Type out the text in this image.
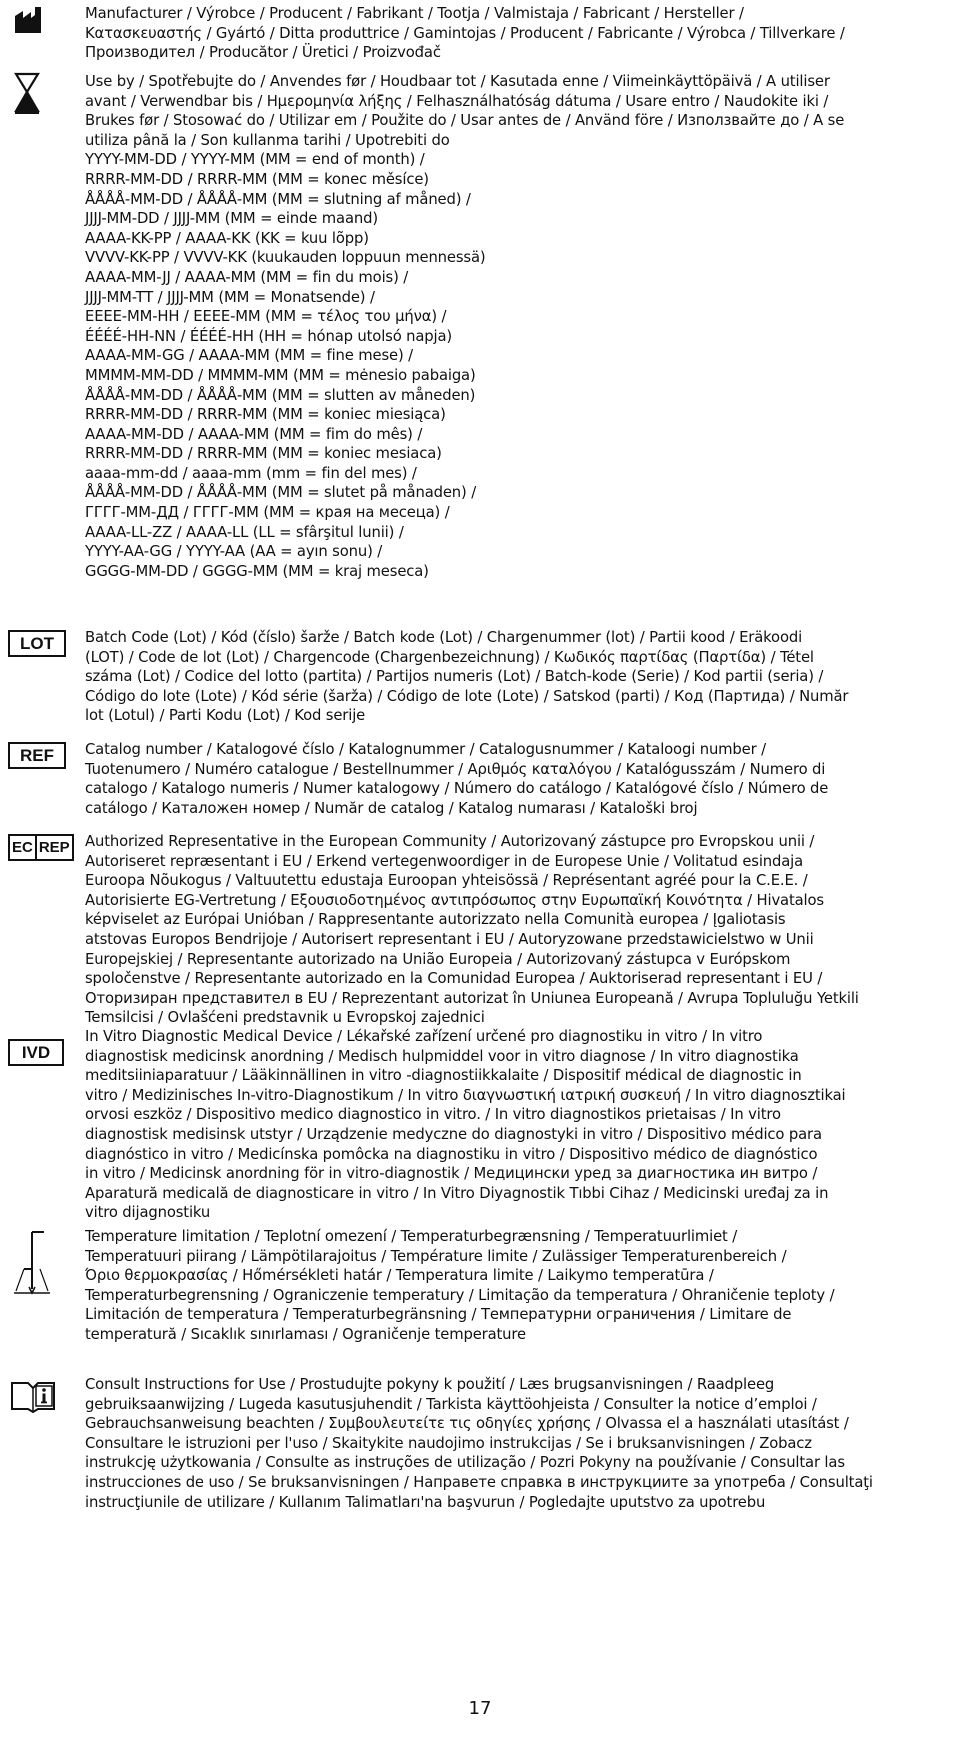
Manufacturer / Výrobce / Producent / Fabrikant / Tootja / Valmistaja / Fabricant / Hersteller /

Κατασκευαστής / Gyártó / Ditta produttrice / Gamintojas / Producent / Fabricante / Výrobca / Tillverkare /

Производител / Producător / Üretici / Proizvođač

Use by / Spotřebujte do / Anvendes før / Houdbaar tot / Kasutada enne / Viimeinkäyttöpäivä / A utiliser

avant / Verwendbar bis / Ημερομηνία λήξης / Felhasználhatóság dátuma / Usare entro / Naudokite iki /

Brukes før / Stosować do / Utilizar em / Použite do / Usar antes de / Använd före / Използвайте до / A se

utiliza până la / Son kullanma tarihi / Upotrebiti do

YYYY-MM-DD / YYYY-MM (MM = end of month) /

RRRR-MM-DD / RRRR-MM (MM = konec měsíce)

ÅÅÅÅ-MM-DD / ÅÅÅÅ-MM (MM = slutning af måned) /

JJJJ-MM-DD / JJJJ-MM (MM = einde maand)

AAAA-KK-PP / AAAA-KK (KK = kuu lõpp)

VVVV-KK-PP / VVVV-KK (kuukauden loppuun mennessä)

AAAA-MM-JJ / AAAA-MM (MM = fin du mois) /

JJJJ-MM-TT / JJJJ-MM (MM = Monatsende) /

ΕΕΕΕ-ΜΜ-ΗΗ / ΕΕΕΕ-ΜΜ (ΜΜ = τέλος του μήνα) /

ÉÉÉÉ-HH-NN / ÉÉÉÉ-HH (HH = hónap utolsó napja)

AAAA-MM-GG / AAAA-MM (MM = fine mese) /

MMMM-MM-DD / MMMM-MM (MM = mėnesio pabaiga)

ÅÅÅÅ-MM-DD / ÅÅÅÅ-MM (MM = slutten av måneden)

RRRR-MM-DD / RRRR-MM (MM = koniec miesiąca)

AAAA-MM-DD / AAAA-MM (MM = fim do mês) /

RRRR-MM-DD / RRRR-MM (MM = koniec mesiaca)

aaaa-mm-dd / aaaa-mm (mm = fin del mes) /

ÅÅÅÅ-MM-DD / ÅÅÅÅ-MM (MM = slutet på månaden) /

ГГГГ-ММ-ДД / ГГГГ-ММ (ММ = края на месеца) /

AAAA-LL-ZZ / AAAA-LL (LL = sfârşitul lunii) /

YYYY-AA-GG / YYYY-AA (AA = ayın sonu) /

GGGG-MM-DD / GGGG-MM (MM = kraj meseca)

LOT	Batch Code (Lot) / Kód (číslo) šarže / Batch kode (Lot) / Chargenummer (lot) / Partii kood / Eräkoodi

(LOT) / Code de lot (Lot) / Chargencode (Chargenbezeichnung) / Κωδικός παρτίδας (Παρτίδα) / Tétel

száma (Lot) / Codice del lotto (partita) / Partijos numeris (Lot) / Batch-kode (Serie) / Kod partii (seria) /

Código do lote (Lote) / Kód série (šarža) / Código de lote (Lote) / Satskod (parti) / Код (Партида) / Număr

lot (Lotul) / Parti Kodu (Lot) / Kod serije

REF	Catalog number / Katalogové číslo / Katalognummer / Catalogusnummer / Kataloogi number /

Tuotenumero / Numéro catalogue / Bestellnummer / Αριθμός καταλόγου / Katalógusszám / Numero di

catalogo / Katalogo numeris / Numer katalogowy / Número do catálogo / Katalógové číslo / Número de

catálogo / Каталожен номер / Număr de catalog / Katalog numarası / Kataloški broj

EC REP Authorized Representative in the European Community / Autorizovaný zástupce pro Evropskou unii /

Autoriseret repræsentant i EU / Erkend vertegenwoordiger in de Europese Unie / Volitatud esindaja

Euroopa Nõukogus / Valtuutettu edustaja Euroopan yhteisössä / Représentant agréé pour la C.E.E. /

Autorisierte EG-Vertretung / Εξουσιοδοτημένος αντιπρόσωπος στην Ευρωπαϊκή Κοινότητα / Hivatalos

képviselet az Európai Unióban / Rappresentante autorizzato nella Comunità europea / Įgaliotasis

atstovas Europos Bendrijoje / Autorisert representant i EU / Autoryzowane przedstawicielstwo w Unii

Europejskiej / Representante autorizado na União Europeia / Autorizovaný zástupca v Európskom

spoločenstve / Representante autorizado en la Comunidad Europea / Auktoriserad representant i EU /

Оторизиран представител в EU / Reprezentant autorizat în Uniunea Europeană / Avrupa Topluluğu Yetkili

Temsilcisi / Ovlašćeni predstavnik u Evropskoj zajednici

IVD

In Vitro Diagnostic Medical Device / Lékařské zařízení určené pro diagnostiku in vitro / In vitro

diagnostisk medicinsk anordning / Medisch hulpmiddel voor in vitro diagnose / In vitro diagnostika

meditsiiniaparatuur / Lääkinnällinen in vitro -diagnostiikkalaite / Dispositif médical de diagnostic in

vitro / Medizinisches In-vitro-Diagnostikum / In vitro διαγνωστική ιατρική συσκευή / In vitro diagnosztikai

orvosi eszköz / Dispositivo medico diagnostico in vitro. / In vitro diagnostikos prietaisas / In vitro

diagnostisk medisinsk utstyr / Urządzenie medyczne do diagnostyki in vitro / Dispositivo médico para

diagnóstico in vitro / Medicínska pomôcka na diagnostiku in vitro / Dispositivo médico de diagnóstico

in vitro / Medicinsk anordning för in vitro-diagnostik / Медицински уред за диагностика ин витро /

Aparatură medicală de diagnosticare in vitro / In Vitro Diyagnostik Tıbbi Cihaz / Medicinski uređaj za in

vitro dijagnostiku

Temperature limitation / Teplotní omezení / Temperaturbegrænsning / Temperatuurlimiet /

Temperatuuri piirang / Lämpötilarajoitus / Température limite / Zulässiger Temperaturenbereich /

Όριο θερμοκρασίας / Hőmérsékleti határ / Temperatura limite / Laikymo temperatūra /

Temperaturbegrensning / Ograniczenie temperatury / Limitação da temperatura / Ohraničenie teploty /

Limitación de temperatura / Temperaturbegränsning / Температурни ограничения / Limitare de

temperatură / Sıcaklık sınırlaması / Ograničenje temperature

Consult Instructions for Use / Prostudujte pokyny k použití / Læs brugsanvisningen / Raadpleeg

gebruiksaanwijzing / Lugeda kasutusjuhendit / Tarkista käyttöohjeista / Consulter la notice d’emploi /

Gebrauchsanweisung beachten / Συμβουλευτείτε τις οδηγίες χρήσης / Olvassa el a használati utasítást /

Consultare le istruzioni per l'uso / Skaitykite naudojimo instrukcijas / Se i bruksanvisningen / Zobacz

instrukcję użytkowania / Consulte as instruções de utilização / Pozri Pokyny na používanie / Consultar las

instrucciones de uso / Se bruksanvisningen / Направете справка в инструкциите за употреба / Consultaţi

instrucţiunile de utilizare / Kullanım Talimatları'na başvurun / Pogledajte uputstvo za upotrebu

17
